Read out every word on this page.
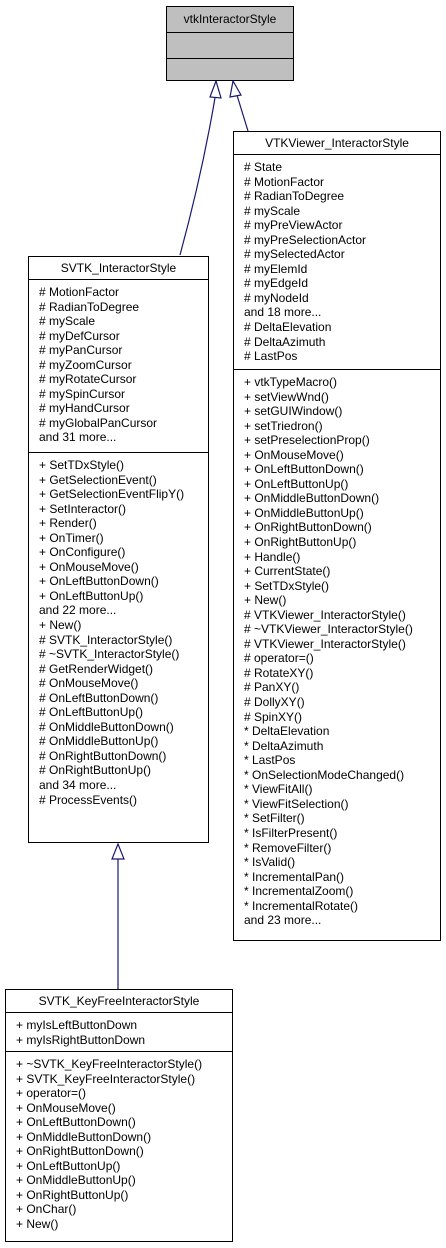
vtkInteractorStyle
VTKViewer_InteractorStyle
# State
# MotionFactor
# RadianToDegree
# myScale
# myPreViewActor
# myPreSelectionActor
# mySelectedActor
# myElemId
# myEdgeId
# myNodeId
and 18 more...
# DeltaElevation
# DeltaAzimuth
# LastPos
+ vtkTypeMacro()
+ setViewWnd()
+ setGUIWindow()
+ setTriedron()
+ setPreselectionProp()
+ OnMouseMove()
+ OnLeftButtonDown()
+ OnLeftButtonUp()
+ OnMiddleButtonDown()
+ OnMiddleButtonUp()
+ OnRightButtonDown()
+ OnRightButtonUp()
+ Handle()
+ CurrentState()
+ SetTDxStyle()
+ New()
# VTKViewer_InteractorStyle()
# ~VTKViewer_InteractorStyle()
# VTKViewer_InteractorStyle()
# operator=()
# RotateXY()
# PanXY()
# DollyXY()
# SpinXY()
* DeltaElevation
* DeltaAzimuth
* LastPos
* OnSelectionModeChanged()
* ViewFitAll()
* ViewFitSelection()
* SetFilter()
* IsFilterPresent()
* RemoveFilter()
* IsValid()
* IncrementalPan()
* IncrementalZoom()
* IncrementalRotate()
and 23 more...
SVTK_InteractorStyle
# MotionFactor
# RadianToDegree
# myScale
# myDefCursor
# myPanCursor
# myZoomCursor
# myRotateCursor
# mySpinCursor
# myHandCursor
# myGlobalPanCursor
and 31 more...
+ SetTDxStyle()
+ GetSelectionEvent()
+ GetSelectionEventFlipY()
+ SetInteractor()
+ Render()
+ OnTimer()
+ OnConfigure()
+ OnMouseMove()
+ OnLeftButtonDown()
+ OnLeftButtonUp()
and 22 more...
+ New()
# SVTK_InteractorStyle()
# ~SVTK_InteractorStyle()
# GetRenderWidget()
# OnMouseMove()
# OnLeftButtonDown()
# OnLeftButtonUp()
# OnMiddleButtonDown()
# OnMiddleButtonUp()
# OnRightButtonDown()
# OnRightButtonUp()
and 34 more...
# ProcessEvents()
SVTK_KeyFreeInteractorStyle
+ myIsLeftButtonDown
+ myIsRightButtonDown
+ ~SVTK_KeyFreeInteractorStyle()
+ SVTK_KeyFreeInteractorStyle()
+ operator=()
+ OnMouseMove()
+ OnLeftButtonDown()
+ OnMiddleButtonDown()
+ OnRightButtonDown()
+ OnLeftButtonUp()
+ OnMiddleButtonUp()
+ OnRightButtonUp()
+ OnChar()
+ New()
